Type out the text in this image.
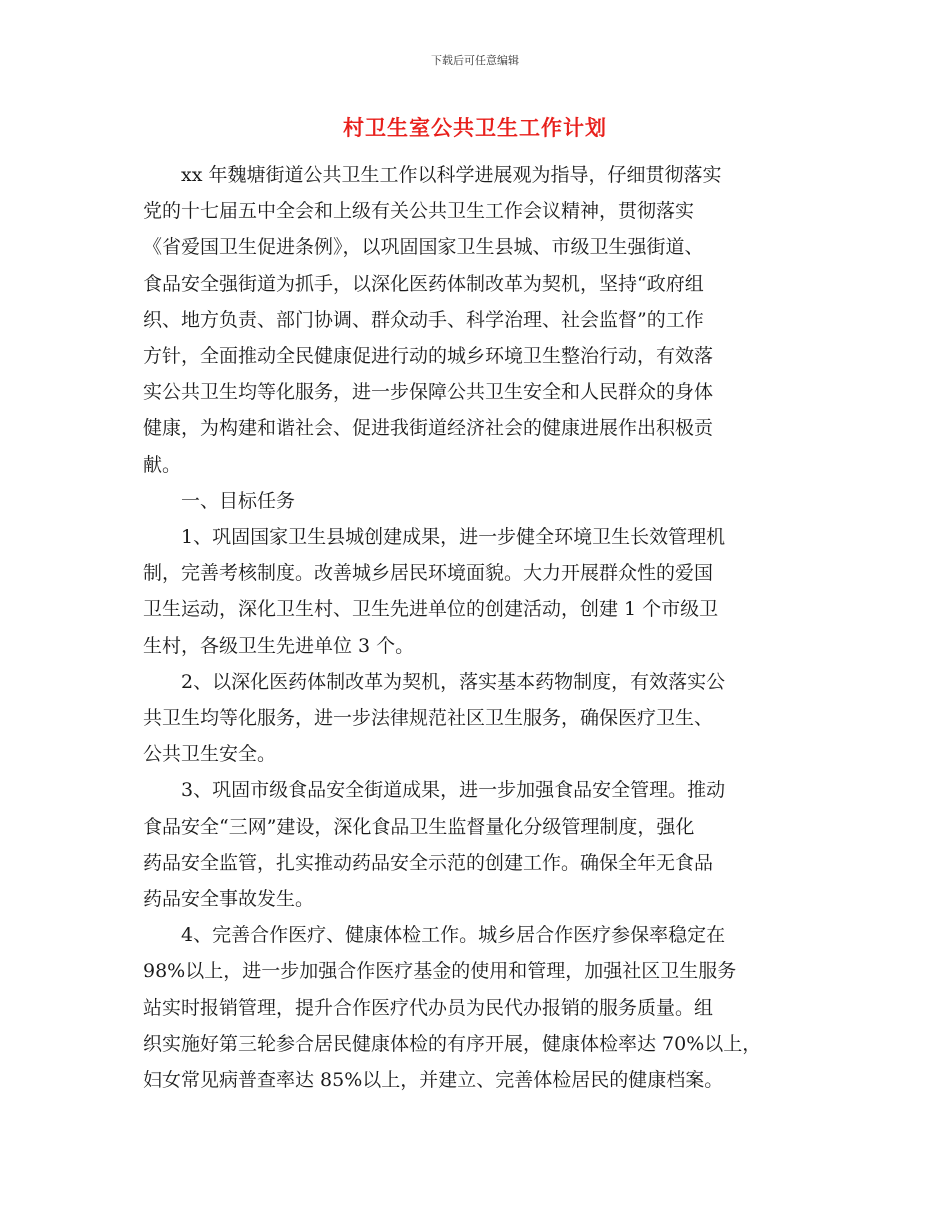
下载后可任意编辑
村卫生室公共卫生工作计划
xx 年魏塘街道公共卫生工作以科学进展观为指导，仔细贯彻落实
党的十七届五中全会和上级有关公共卫生工作会议精神，贯彻落实
《省爱国卫生促进条例》，以巩固国家卫生县城、市级卫生强街道、
食品安全强街道为抓手，以深化医药体制改革为契机，坚持“政府组
织、地方负责、部门协调、群众动手、科学治理、社会监督”的工作
方针，全面推动全民健康促进行动的城乡环境卫生整治行动，有效落
实公共卫生均等化服务，进一步保障公共卫生安全和人民群众的身体
健康，为构建和谐社会、促进我街道经济社会的健康进展作出积极贡
献。
一、目标任务
1、巩固国家卫生县城创建成果，进一步健全环境卫生长效管理机
制，完善考核制度。改善城乡居民环境面貌。大力开展群众性的爱国
卫生运动，深化卫生村、卫生先进单位的创建活动，创建 1 个市级卫
生村，各级卫生先进单位 3 个。
2、以深化医药体制改革为契机，落实基本药物制度，有效落实公
共卫生均等化服务，进一步法律规范社区卫生服务，确保医疗卫生、
公共卫生安全。
3、巩固市级食品安全街道成果，进一步加强食品安全管理。推动
食品安全“三网”建设，深化食品卫生监督量化分级管理制度，强化
药品安全监管，扎实推动药品安全示范的创建工作。确保全年无食品
药品安全事故发生。
4、完善合作医疗、健康体检工作。城乡居合作医疗参保率稳定在
98%以上，进一步加强合作医疗基金的使用和管理，加强社区卫生服务
站实时报销管理，提升合作医疗代办员为民代办报销的服务质量。组
织实施好第三轮参合居民健康体检的有序开展，健康体检率达 70%以上，
妇女常见病普查率达 85%以上，并建立、完善体检居民的健康档案。
